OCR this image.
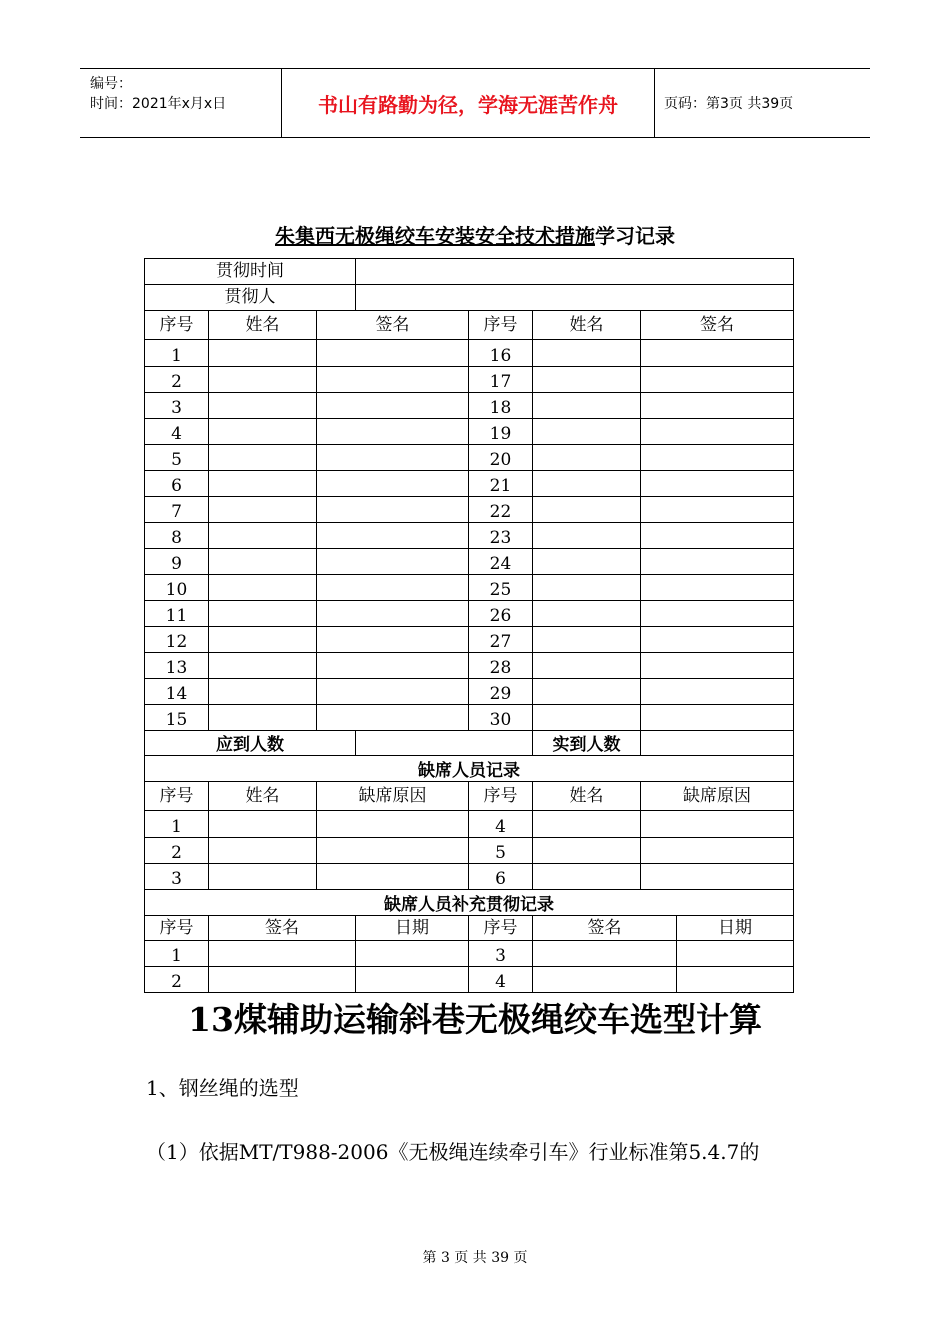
编号：
时间：2021年x月x日	书山有路勤为径，学海无涯苦作舟	页码：第3页 共39页
朱集西无极绳绞车安装安全技术措施学习记录
贯彻时间							
贯彻人							
序号	姓名	签名		序号	姓名	签名	
1				16			
2				17			
3				18			
4				19			
5				20			
6				21			
7				22			
8				23			
9				24			
10				25			
11				26			
12				27			
13				28			
14				29			
15				30			
应到人数					实到人数		
缺席人员记录							
序号	姓名	缺席原因		序号	姓名	缺席原因	
1				4			
2				5			
3				6			
缺席人员补充贯彻记录							
序号	签名		日期	序号	签名		日期
1				3			
2				4			
13煤辅助运输斜巷无极绳绞车选型计算
1、钢丝绳的选型
（1）依据MT/T988-2006《无极绳连续牵引车》行业标准第5.4.7的
第 3 页 共 39 页
